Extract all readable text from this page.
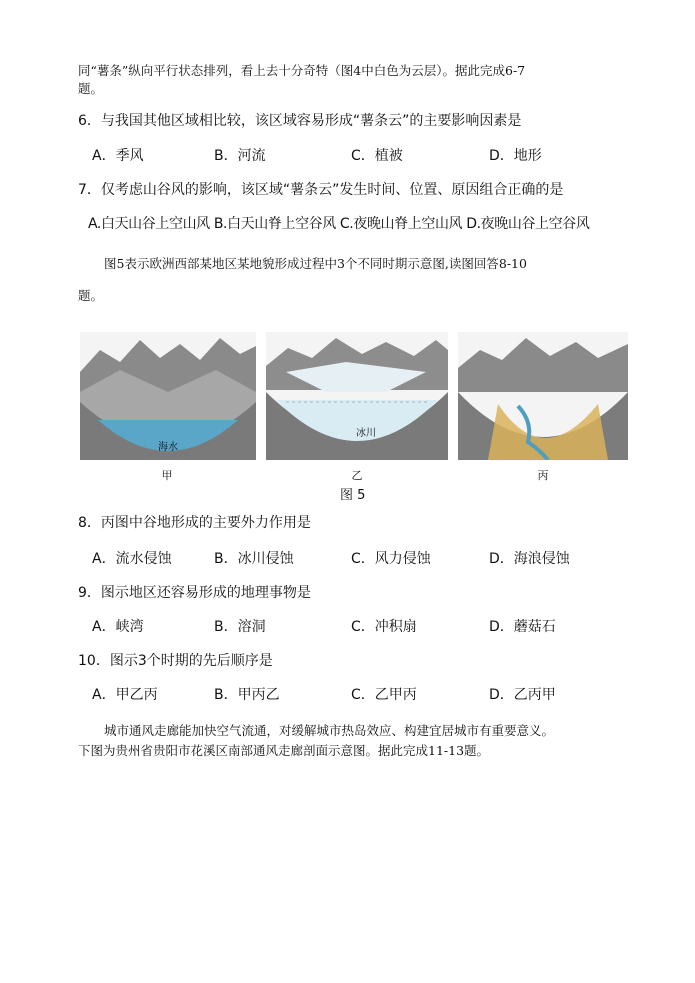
同“薯条”纵向平行状态排列，看上去十分奇特（图4中白色为云层）。据此完成6-7
题。
6．与我国其他区域相比较，该区域容易形成“薯条云”的主要影响因素是
A．季风	B．河流	C．植被	D．地形
7．仅考虑山谷风的影响，该区域“薯条云”发生时间、位置、原因组合正确的是
A.白天山谷上空山风 B.白天山脊上空谷风 C.夜晚山脊上空山风 D.夜晚山谷上空谷风
图5表示欧洲西部某地区某地貌形成过程中3个不同时期示意图,读图回答8-10
题。
海水
冰川
甲	乙	丙
图 5
8．丙图中谷地形成的主要外力作用是
A．流水侵蚀	B．冰川侵蚀	C．风力侵蚀	D．海浪侵蚀
9．图示地区还容易形成的地理事物是
A．峡湾	B．溶洞	C．冲积扇	D．蘑菇石
10．图示3个时期的先后顺序是
A．甲乙丙	B．甲丙乙	C．乙甲丙	D．乙丙甲
城市通风走廊能加快空气流通，对缓解城市热岛效应、构建宜居城市有重要意义。
下图为贵州省贵阳市花溪区南部通风走廊剖面示意图。据此完成11-13题。
